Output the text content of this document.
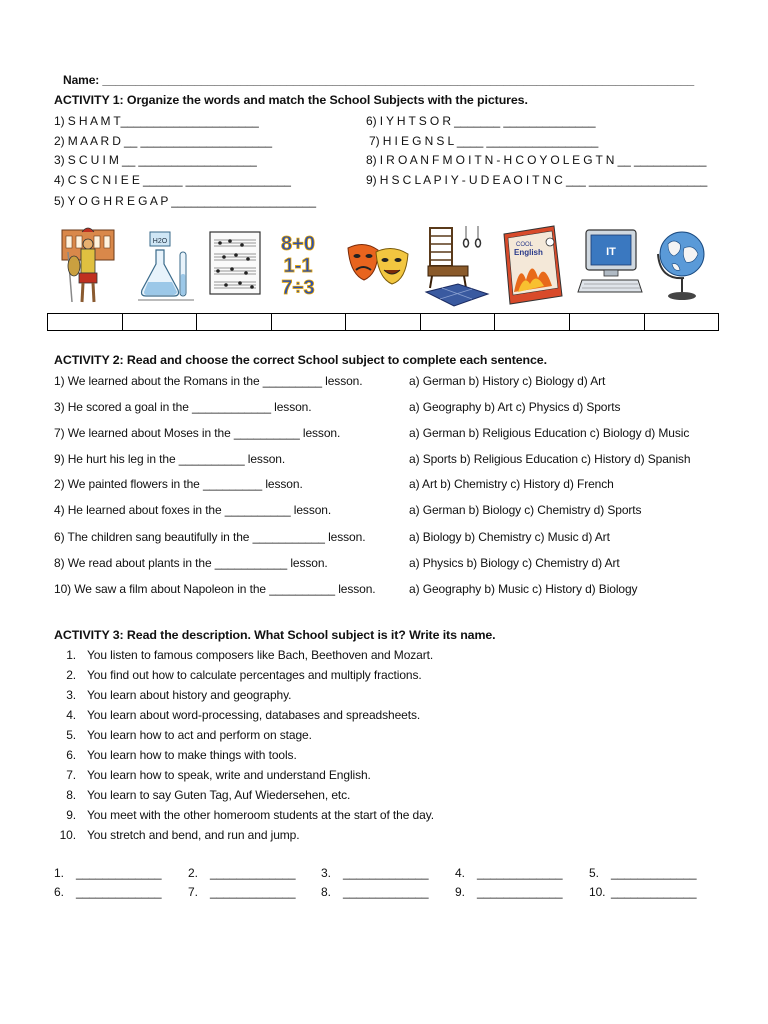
Name: __________________________________________________________________________________________
ACTIVITY 1: Organize the words and match the School Subjects with the pictures.
1) S H A M T_____________________
2) M A A R D __ ____________________
3) S C U I M __ __________________
4) C S C N I E E ______ ________________
5) Y O G H R E G A P ______________________
6) I Y H T S O R _______ ______________
7) H I E G N S L ____ _________________
8) I R O A N F M O I T N - H C O Y O L E G T N __ ___________
9) H S C L A P I Y - U D E A O I T N C ___ __________________
H2O	8+0
1-1
7÷3
COOL
English	IT
ACTIVITY 2: Read and choose the correct School subject to complete each sentence.
1) We learned about the Romans in the _________ lesson.	a) German b) History c) Biology d) Art
3) He scored a goal in the ____________ lesson.	a) Geography b) Art c) Physics d) Sports
7) We learned about Moses in the __________ lesson.	a) German b) Religious Education c) Biology d) Music
9) He hurt his leg in the __________ lesson.	a) Sports b) Religious Education c) History d) Spanish
2) We painted flowers in the _________ lesson.	a) Art b) Chemistry c) History d) French
4) He learned about foxes in the __________ lesson.	a) German b) Biology c) Chemistry d) Sports
6) The children sang beautifully in the ___________ lesson.	a) Biology b) Chemistry c) Music d) Art
8) We read about plants in the ___________ lesson.	a) Physics b) Biology c) Chemistry d) Art
10) We saw a film about Napoleon in the __________ lesson.	a) Geography b) Music c) History d) Biology
ACTIVITY 3: Read the description. What School subject is it? Write its name.
1. You listen to famous composers like Bach, Beethoven and Mozart.
2. You find out how to calculate percentages and multiply fractions.
3. You learn about history and geography.
4. You learn about word-processing, databases and spreadsheets.
5. You learn how to act and perform on stage.
6. You learn how to make things with tools.
7. You learn how to speak, write and understand English.
8. You learn to say Guten Tag, Auf Wiedersehen, etc.
9. You meet with the other homeroom students at the start of the day.
10. You stretch and bend, and run and jump.
1. _____________ 2. _____________ 3. _____________ 4. _____________ 5. _____________
6. _____________ 7. _____________ 8. _____________ 9. _____________ 10. _____________
